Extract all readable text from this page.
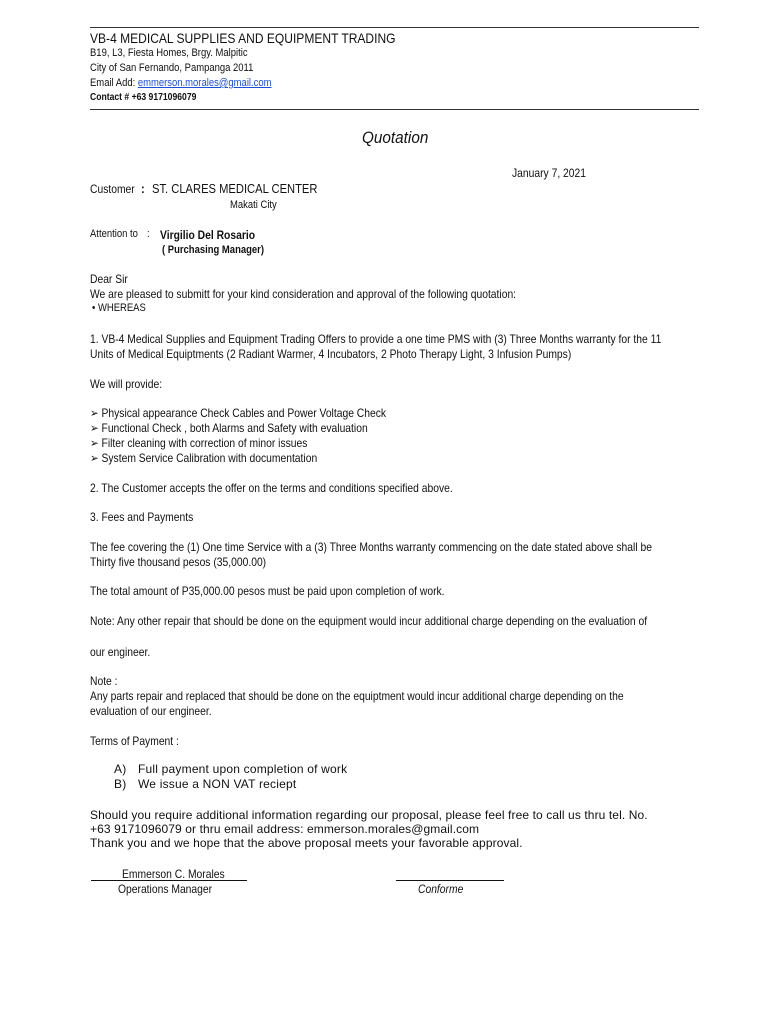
VB-4 MEDICAL SUPPLIES AND EQUIPMENT TRADING
B19, L3, Fiesta Homes, Brgy. Malpitic
City of San Fernando, Pampanga 2011
Email Add: emmerson.morales@gmail.com
Contact # +63 9171096079
Quotation
January 7, 2021
Customer : ST. CLARES MEDICAL CENTER
Makati City
Attention to : Virgilio Del Rosario
( Purchasing Manager)
Dear Sir
We are pleased to submitt for your kind consideration and approval of the following quotation:
• WHEREAS
1. VB-4 Medical Supplies and Equipment Trading Offers to provide a one time PMS with (3) Three Months warranty for the 11
Units of Medical Equiptments (2 Radiant Warmer, 4 Incubators, 2 Photo Therapy Light, 3 Infusion Pumps)
We will provide:
➢ Physical appearance Check Cables and Power Voltage Check
➢ Functional Check , both Alarms and Safety with evaluation
➢ Filter cleaning with correction of minor issues
➢ System Service Calibration with documentation
2. The Customer accepts the offer on the terms and conditions specified above.
3. Fees and Payments
The fee covering the (1) One time Service with a (3) Three Months warranty commencing on the date stated above shall be
Thirty five thousand pesos (35,000.00)
The total amount of P35,000.00 pesos must be paid upon completion of work.
Note: Any other repair that should be done on the equipment would incur additional charge depending on the evaluation of
our engineer.
Note :
Any parts repair and replaced that should be done on the equiptment would incur additional charge depending on the
evaluation of our engineer.
Terms of Payment :
A) Full payment upon completion of work
B) We issue a NON VAT reciept
Should you require additional information regarding our proposal, please feel free to call us thru tel. No.
+63 9171096079 or thru email address: emmerson.morales@gmail.com
Thank you and we hope that the above proposal meets your favorable approval.
Emmerson C. Morales
Operations Manager	Conforme
